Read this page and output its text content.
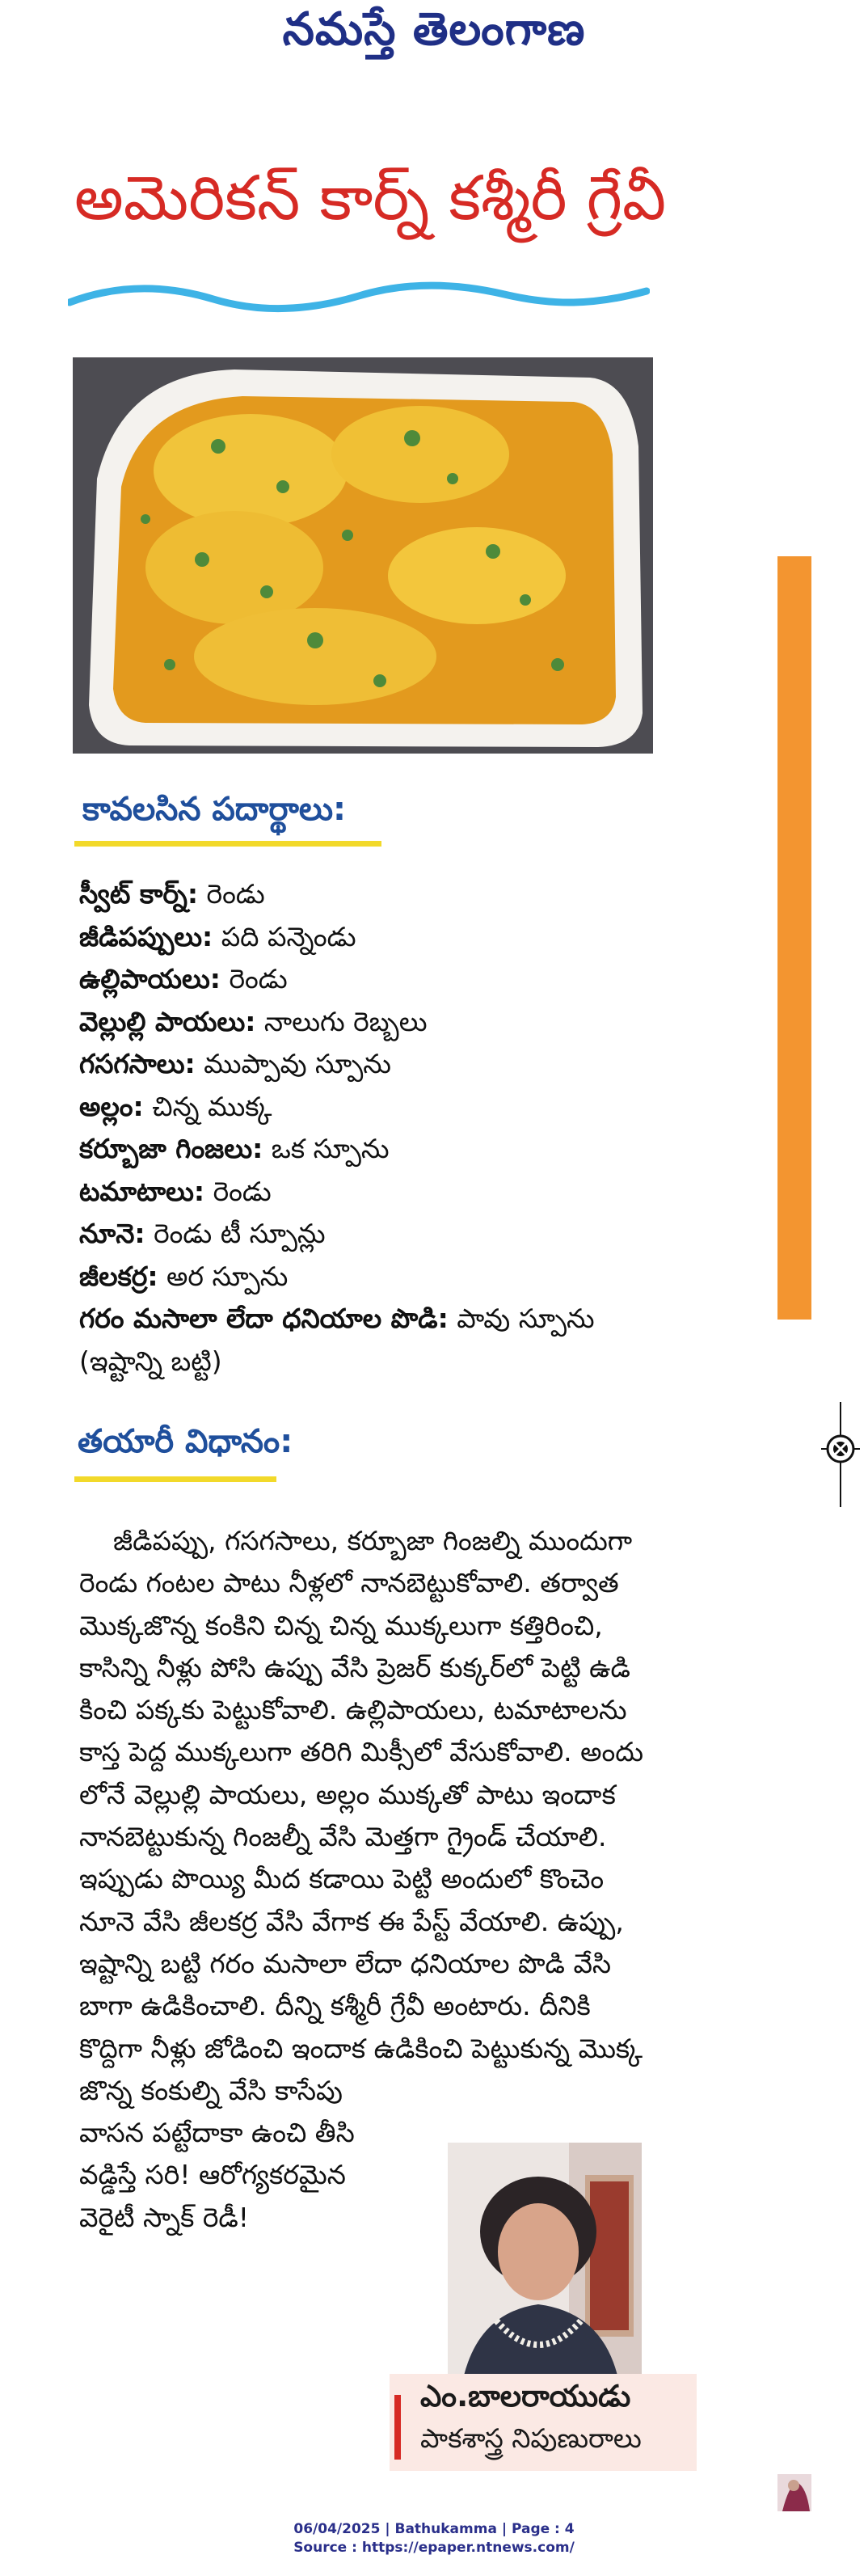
నమస్తే తెలంగాణ
అమెరికన్ కార్న్ కశ్మీరీ గ్రేవీ
కావలసిన పదార్థాలు:
స్వీట్ కార్న్: రెండు
జీడిపప్పులు: పది పన్నెండు
ఉల్లిపాయలు: రెండు
వెల్లుల్లి పాయలు: నాలుగు రెబ్బలు
గసగసాలు: ముప్పావు స్పూను
అల్లం: చిన్న ముక్క
కర్బూజా గింజలు: ఒక స్పూను
టమాటాలు: రెండు
నూనె: రెండు టీ స్పూన్లు
జీలకర్ర: అర స్పూను
గరం మసాలా లేదా ధనియాల పొడి: పావు స్పూను
(ఇష్టాన్ని బట్టి)
తయారీ విధానం:
జీడిపప్పు, గసగసాలు, కర్బూజా గింజల్ని ముందుగా
రెండు గంటల పాటు నీళ్లలో నానబెట్టుకోవాలి. తర్వాత
మొక్కజొన్న కంకిని చిన్న చిన్న ముక్కలుగా కత్తిరించి,
కాసిన్ని నీళ్లు పోసి ఉప్పు వేసి ప్రెజర్ కుక్కర్‌లో పెట్టి ఉడి
కించి పక్కకు పెట్టుకోవాలి. ఉల్లిపాయలు, టమాటాలను
కాస్త పెద్ద ముక్కలుగా తరిగి మిక్సీలో వేసుకోవాలి. అందు
లోనే వెల్లుల్లి పాయలు, అల్లం ముక్కతో పాటు ఇందాక
నానబెట్టుకున్న గింజల్నీ వేసి మెత్తగా గ్రైండ్ చేయాలి.
ఇప్పుడు పొయ్యి మీద కడాయి పెట్టి అందులో కొంచెం
నూనె వేసి జీలకర్ర వేసి వేగాక ఈ పేస్ట్ వేయాలి. ఉప్పు,
ఇష్టాన్ని బట్టి గరం మసాలా లేదా ధనియాల పొడి వేసి
బాగా ఉడికించాలి. దీన్ని కశ్మీరీ గ్రేవీ అంటారు. దీనికి
కొద్దిగా నీళ్లు జోడించి ఇందాక ఉడికించి పెట్టుకున్న మొక్క
జొన్న కంకుల్ని వేసి కాసేపు
వాసన పట్టేదాకా ఉంచి తీసి
వడ్డిస్తే సరి! ఆరోగ్యకరమైన
వెరైటీ స్నాక్ రెడీ!
ఎం.బాలరాయుడు
పాకశాస్త్ర నిపుణురాలు
06/04/2025 | Bathukamma | Page : 4
Source : https://epaper.ntnews.com/
